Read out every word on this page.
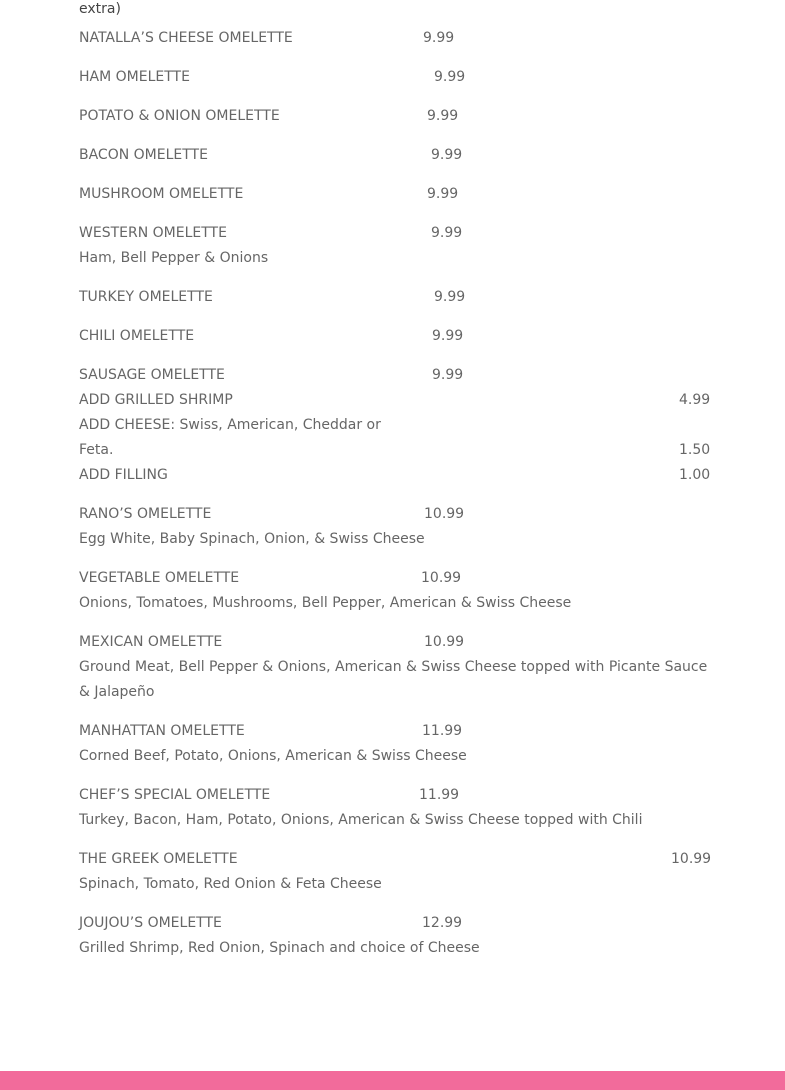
extra)
NATALLA’S CHEESE OMELETTE	9.99
HAM OMELETTE	9.99
POTATO & ONION OMELETTE	9.99
BACON OMELETTE	9.99
MUSHROOM OMELETTE	9.99
WESTERN OMELETTE	9.99
Ham, Bell Pepper & Onions
TURKEY OMELETTE	9.99
CHILI OMELETTE	9.99
SAUSAGE OMELETTE	9.99
ADD GRILLED SHRIMP	4.99
ADD CHEESE: Swiss, American, Cheddar or
Feta.	1.50
ADD FILLING	1.00
RANO’S OMELETTE	10.99
Egg White, Baby Spinach, Onion, & Swiss Cheese
VEGETABLE OMELETTE	10.99
Onions, Tomatoes, Mushrooms, Bell Pepper, American & Swiss Cheese
MEXICAN OMELETTE	10.99
Ground Meat, Bell Pepper & Onions, American & Swiss Cheese topped with Picante Sauce & Jalapeño
MANHATTAN OMELETTE	11.99
Corned Beef, Potato, Onions, American & Swiss Cheese
CHEF’S SPECIAL OMELETTE	11.99
Turkey, Bacon, Ham, Potato, Onions, American & Swiss Cheese topped with Chili
THE GREEK OMELETTE	10.99
Spinach, Tomato, Red Onion & Feta Cheese
JOUJOU’S OMELETTE	12.99
Grilled Shrimp, Red Onion, Spinach and choice of Cheese
